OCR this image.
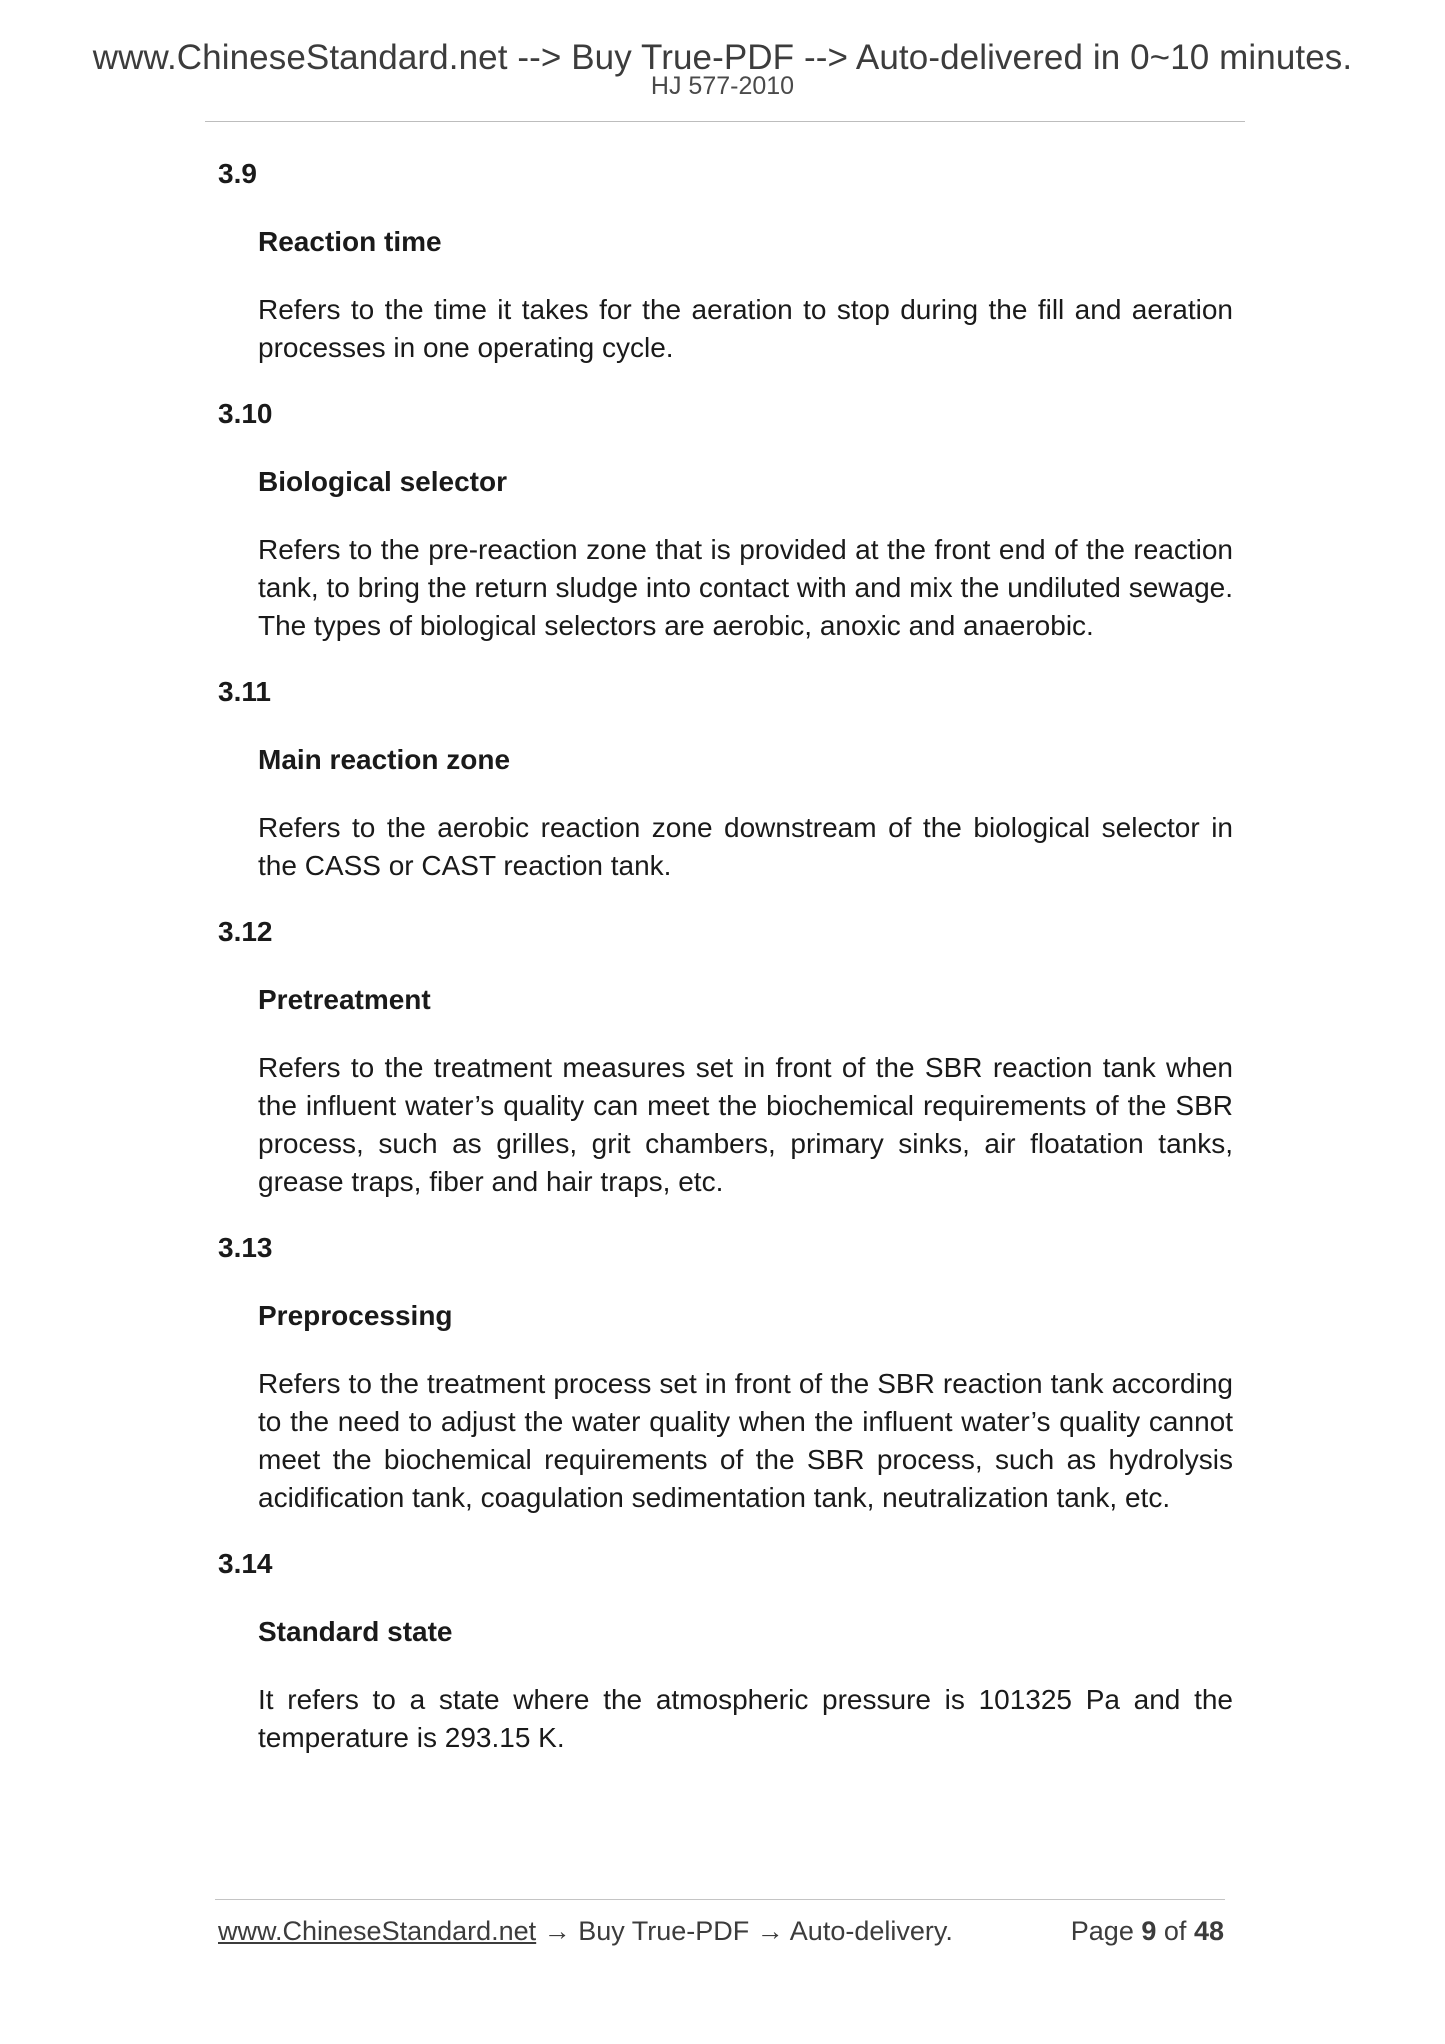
www.ChineseStandard.net --> Buy True-PDF --> Auto-delivered in 0~10 minutes.
HJ 577-2010
3.9
Reaction time
Refers to the time it takes for the aeration to stop during the fill and aeration processes in one operating cycle.
3.10
Biological selector
Refers to the pre-reaction zone that is provided at the front end of the reaction tank, to bring the return sludge into contact with and mix the undiluted sewage. The types of biological selectors are aerobic, anoxic and anaerobic.
3.11
Main reaction zone
Refers to the aerobic reaction zone downstream of the biological selector in the CASS or CAST reaction tank.
3.12
Pretreatment
Refers to the treatment measures set in front of the SBR reaction tank when the influent water’s quality can meet the biochemical requirements of the SBR process, such as grilles, grit chambers, primary sinks, air floatation tanks, grease traps, fiber and hair traps, etc.
3.13
Preprocessing
Refers to the treatment process set in front of the SBR reaction tank according to the need to adjust the water quality when the influent water’s quality cannot meet the biochemical requirements of the SBR process, such as hydrolysis acidification tank, coagulation sedimentation tank, neutralization tank, etc.
3.14
Standard state
It refers to a state where the atmospheric pressure is 101325 Pa and the temperature is 293.15 K.
www.ChineseStandard.net → Buy True-PDF → Auto-delivery.	Page 9 of 48
